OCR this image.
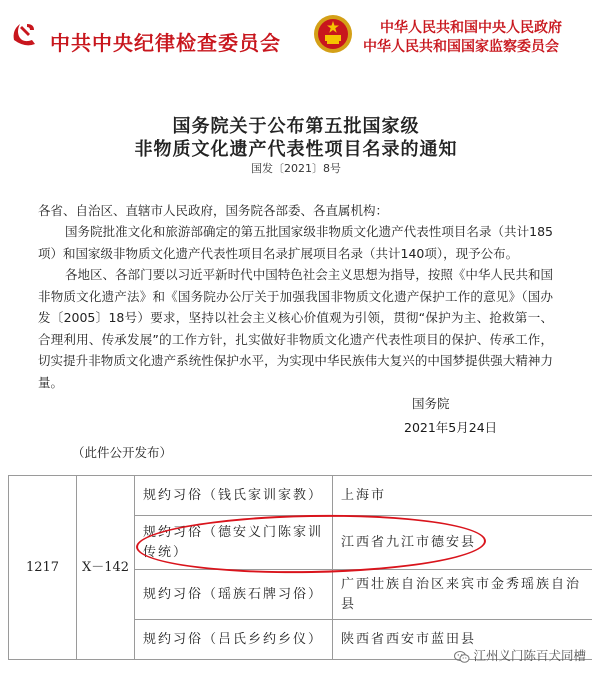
中共中央纪律检查委员会
中华人民共和国中央人民政府
中华人民共和国国家监察委员会
国务院关于公布第五批国家级
非物质文化遗产代表性项目名录的通知
国发〔2021〕8号
各省、自治区、直辖市人民政府，国务院各部委、各直属机构：
国务院批准文化和旅游部确定的第五批国家级非物质文化遗产代表性项目名录（共计185项）和国家级非物质文化遗产代表性项目名录扩展项目名录（共计140项），现予公布。
各地区、各部门要以习近平新时代中国特色社会主义思想为指导，按照《中华人民共和国非物质文化遗产法》和《国务院办公厅关于加强我国非物质文化遗产保护工作的意见》（国办发〔2005〕18号）要求，坚持以社会主义核心价值观为引领，贯彻“保护为主、抢救第一、合理利用、传承发展”的工作方针，扎实做好非物质文化遗产代表性项目的保护、传承工作，切实提升非物质文化遗产系统性保护水平，为实现中华民族伟大复兴的中国梦提供强大精神力量。
国务院
2021年5月24日
（此件公开发布）
1217	X－142	规约习俗（钱氏家训家教）	上海市
		规约习俗（德安义门陈家训传统）	江西省九江市德安县
		规约习俗（瑶族石牌习俗）	广西壮族自治区来宾市金秀瑶族自治县
		规约习俗（吕氏乡约乡仪）	陕西省西安市蓝田县
江州义门陈百犬同槽
